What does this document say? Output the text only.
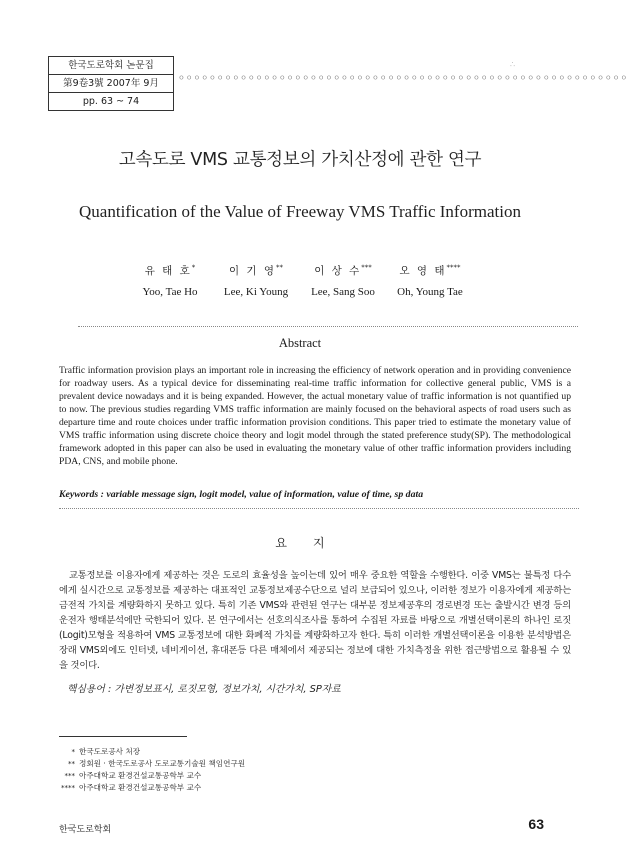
한국도로학회 논문집
第9卷3號 2007年 9月
pp. 63 ~ 74
ㅇㅇㅇㅇㅇㅇㅇㅇㅇㅇㅇㅇㅇㅇㅇㅇㅇㅇㅇㅇㅇㅇㅇㅇㅇㅇㅇㅇㅇㅇㅇㅇㅇㅇㅇㅇㅇㅇㅇㅇㅇㅇㅇㅇㅇㅇㅇㅇㅇㅇㅇㅇㅇㅇㅇㅇㅇㅇ
∴
고속도로 VMS 교통정보의 가치산정에 관한 연구
Quantification of the Value of Freeway VMS Traffic Information
유 태 호*
Yoo, Tae Ho
이 기 영**
Lee, Ki Young
이 상 수***
Lee, Sang Soo
오 영 태****
Oh, Young Tae
Abstract
Traffic information provision plays an important role in increasing the efficiency of network operation and in providing convenience for roadway users. As a typical device for disseminating real-time traffic information for collective general public, VMS is a prevalent device nowadays and it is being expanded. However, the actual monetary value of traffic information is not quantified up to now. The previous studies regarding VMS traffic information are mainly focused on the behavioral aspects of road users such as departure time and route choices under traffic information provision conditions. This paper tried to estimate the monetary value of VMS traffic information using discrete choice theory and logit model through the stated preference study(SP). The methodological framework adopted in this paper can also be used in evaluating the monetary value of other traffic information providers including PDA, CNS, and mobile phone.
Keywords : variable message sign, logit model, value of information, value of time, sp data
요지
교통정보를 이용자에게 제공하는 것은 도로의 효율성을 높이는데 있어 매우 중요한 역할을 수행한다. 이중 VMS는 불특정 다수에게 실시간으로 교통정보를 제공하는 대표적인 교통정보제공수단으로 널리 보급되어 있으나, 이러한 정보가 이용자에게 제공하는 금전적 가치를 계량화하지 못하고 있다. 특히 기존 VMS와 관련된 연구는 대부분 정보제공후의 경로변경 또는 출발시간 변경 등의 운전자 행태분석에만 국한되어 있다. 본 연구에서는 선호의식조사를 통하여 수집된 자료를 바탕으로 개별선택이론의 하나인 로짓(Logit)모형을 적용하여 VMS 교통정보에 대한 화폐적 가치를 계량화하고자 한다. 특히 이러한 개별선택이론을 이용한 분석방법은 장래 VMS외에도 인터넷, 네비게이션, 휴대폰등 다른 매체에서 제공되는 정보에 대한 가치측정을 위한 접근방법으로 활용될 수 있을 것이다.
핵심용어 : 가변정보표시, 로짓모형, 정보가치, 시간가치, SP자료
* 한국도로공사 처장
** 정회원 · 한국도로공사 도로교통기술원 책임연구원
*** 아주대학교 환경건설교통공학부 교수
**** 아주대학교 환경건설교통공학부 교수
한국도로학회	63
